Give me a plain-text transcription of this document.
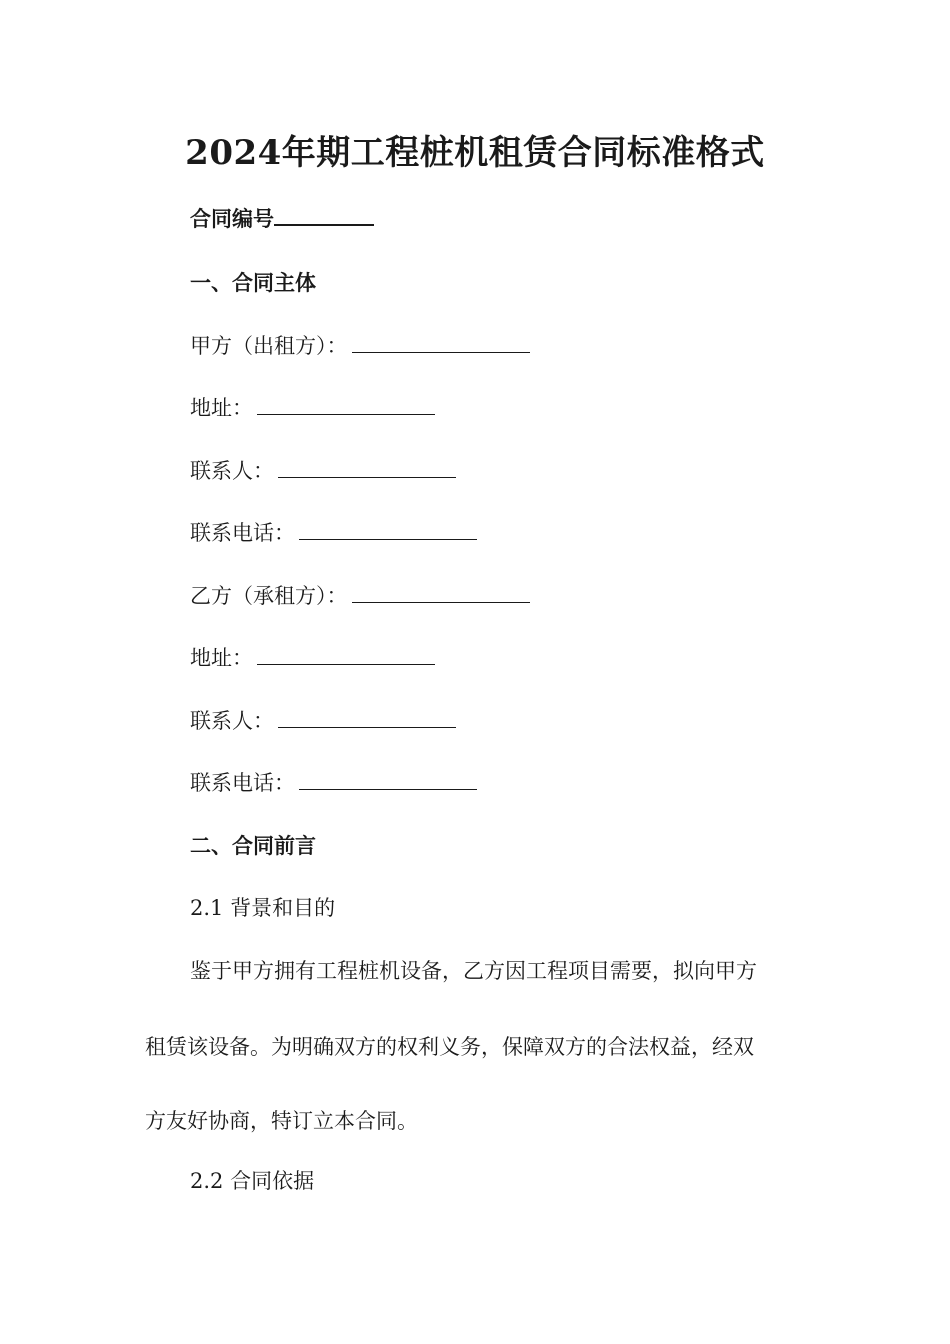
2024年期工程桩机租赁合同标准格式
合同编号
一、合同主体
甲方（出租方）：
地址：
联系人：
联系电话：
乙方（承租方）：
地址：
联系人：
联系电话：
二、合同前言
2.1 背景和目的
鉴于甲方拥有工程桩机设备，乙方因工程项目需要，拟向甲方
租赁该设备。为明确双方的权利义务，保障双方的合法权益，经双
方友好协商，特订立本合同。
2.2 合同依据
